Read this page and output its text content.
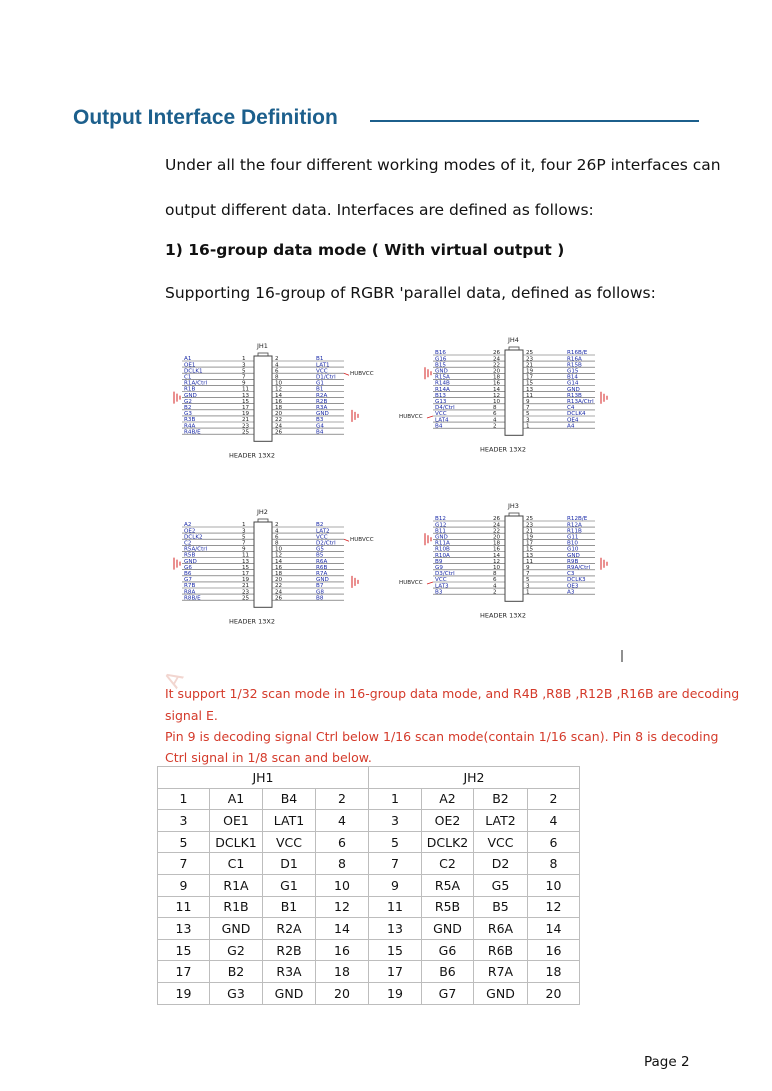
Output Interface Definition
Under all the four different working modes of it, four 26P interfaces can
output different data. Interfaces are defined as follows:
1) 16-group data mode ( With virtual output )
Supporting 16-group of RGBR 'parallel data, defined as follows:
A
JH1
HEADER 13X2
A1	B1
1	2
OE1	LAT1
3	4
DCLK1	VCC
5	6
C1	D1/Ctrl
7	8
R1A/Ctrl	G1
9	10
R1B	B1
11	12
GND	R2A
13	14
G2	R2B
15	16
B2	R3A
17	18
G3	GND
19	20
R3B	B3
21	22
R4A	G4
23	24
R4B/E	B4
25	26
HUBVCC
JH2
HEADER 13X2
A2	B2
1	2
OE2	LAT2
3	4
DCLK2	VCC
5	6
C2	D2/Ctrl
7	8
R5A/Ctrl	G5
9	10
R5B	B5
11	12
GND	R6A
13	14
G6	R6B
15	16
B6	R7A
17	18
G7	GND
19	20
R7B	B7
21	22
R8A	G8
23	24
R8B/E	B8
25	26
HUBVCC
JH4
HEADER 13X2
B16	R16B/E
26	25
G16	R16A
24	23
B15	R15B
22	21
GND	G15
20	19
R15A	B14
18	17
R14B	G14
16	15
R14A	GND
14	13
B13	R13B
12	11
G13	R13A/Ctrl
10	9
D4/Ctrl	C4
8	7
VCC	DCLK4
6	5
LAT4	OE4
4	3
B4	A4
2	1
HUBVCC
JH3
HEADER 13X2
B12	R12B/E
26	25
G12	R12A
24	23
B11	R11B
22	21
GND	G11
20	19
R11A	B10
18	17
R10B	G10
16	15
R10A	GND
14	13
B9	R9B
12	11
G9	R9A/Ctrl
10	9
D3/Ctrl	C3
8	7
VCC	DCLK3
6	5
LAT3	OE3
4	3
B3	A3
2	1
HUBVCC
It support 1/32 scan mode in 16-group data mode, and R4B ,R8B ,R12B ,R16B are decoding
signal E.
Pin 9 is decoding signal Ctrl below 1/16 scan mode(contain 1/16 scan). Pin 8 is decoding
Ctrl signal in 1/8 scan and below.
JH1				JH2			
1	A1	B4	2	1	A2	B2	2
3	OE1	LAT1	4	3	OE2	LAT2	4
5	DCLK1	VCC	6	5	DCLK2	VCC	6
7	C1	D1	8	7	C2	D2	8
9	R1A	G1	10	9	R5A	G5	10
11	R1B	B1	12	11	R5B	B5	12
13	GND	R2A	14	13	GND	R6A	14
15	G2	R2B	16	15	G6	R6B	16
17	B2	R3A	18	17	B6	R7A	18
19	G3	GND	20	19	G7	GND	20
Page 2
